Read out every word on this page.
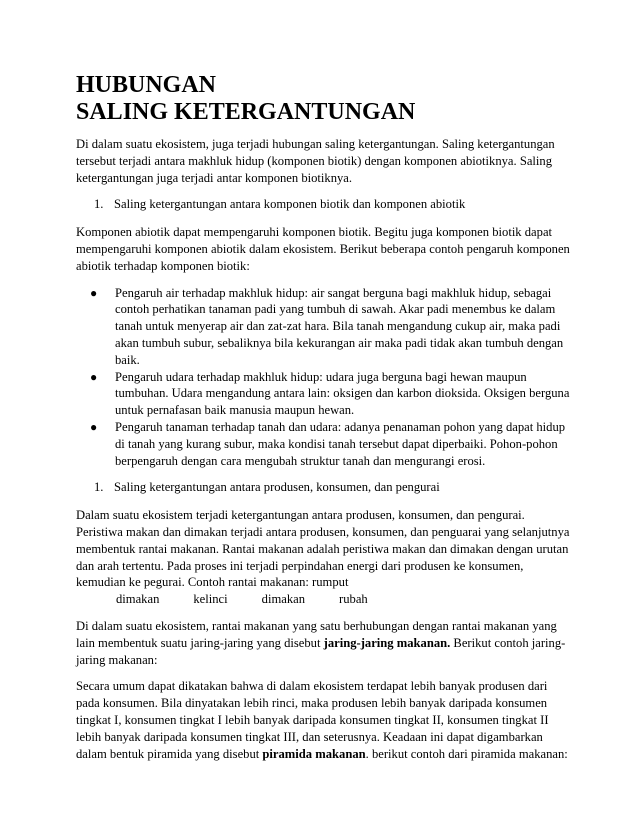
HUBUNGAN
SALING KETERGANTUNGAN

Di dalam suatu ekosistem, juga terjadi hubungan saling ketergantungan. Saling ketergantungan tersebut terjadi antara makhluk hidup (komponen biotik) dengan komponen abiotiknya. Saling ketergantungan juga terjadi antar komponen biotiknya.

1. Saling ketergantungan antara komponen biotik dan komponen abiotik

Komponen abiotik dapat mempengaruhi komponen biotik. Begitu juga komponen biotik dapat mempengaruhi komponen abiotik dalam ekosistem. Berikut beberapa contoh pengaruh komponen abiotik terhadap komponen biotik:

●	Pengaruh air terhadap makhluk hidup: air sangat berguna bagi makhluk hidup, sebagai contoh perhatikan tanaman padi yang tumbuh di sawah. Akar padi menembus ke dalam tanah untuk menyerap air dan zat-zat hara. Bila tanah mengandung cukup air, maka padi akan tumbuh subur, sebaliknya bila kekurangan air maka padi tidak akan tumbuh dengan baik.
●	Pengaruh udara terhadap makhluk hidup: udara juga berguna bagi hewan maupun tumbuhan. Udara mengandung antara lain: oksigen dan karbon dioksida. Oksigen berguna untuk pernafasan baik manusia maupun hewan.
●	Pengaruh tanaman terhadap tanah dan udara: adanya penanaman pohon yang dapat hidup di tanah yang kurang subur, maka kondisi tanah tersebut dapat diperbaiki. Pohon-pohon berpengaruh dengan cara mengubah struktur tanah dan mengurangi erosi.
1. Saling ketergantungan antara produsen, konsumen, dan pengurai

Dalam suatu ekosistem terjadi ketergantungan antara produsen, konsumen, dan pengurai. Peristiwa makan dan dimakan terjadi antara produsen, konsumen, dan penguarai yang selanjutnya membentuk rantai makanan. Rantai makanan adalah peristiwa makan dan dimakan dengan urutan dan arah tertentu. Pada proses ini terjadi perpindahan energi dari produsen ke konsumen, kemudian ke pegurai. Contoh rantai makanan: rumput

dimakan	kelinci	dimakan	rubah

Di dalam suatu ekosistem, rantai makanan yang satu berhubungan dengan rantai makanan yang lain membentuk suatu jaring-jaring yang disebut jaring-jaring makanan. Berikut contoh jaring-jaring makanan:

Secara umum dapat dikatakan bahwa di dalam ekosistem terdapat lebih banyak produsen dari pada konsumen. Bila dinyatakan lebih rinci, maka produsen lebih banyak daripada konsumen tingkat I, konsumen tingkat I lebih banyak daripada konsumen tingkat II, konsumen tingkat II lebih banyak daripada konsumen tingkat III, dan seterusnya. Keadaan ini dapat digambarkan dalam bentuk piramida yang disebut piramida makanan. berikut contoh dari piramida makanan:
